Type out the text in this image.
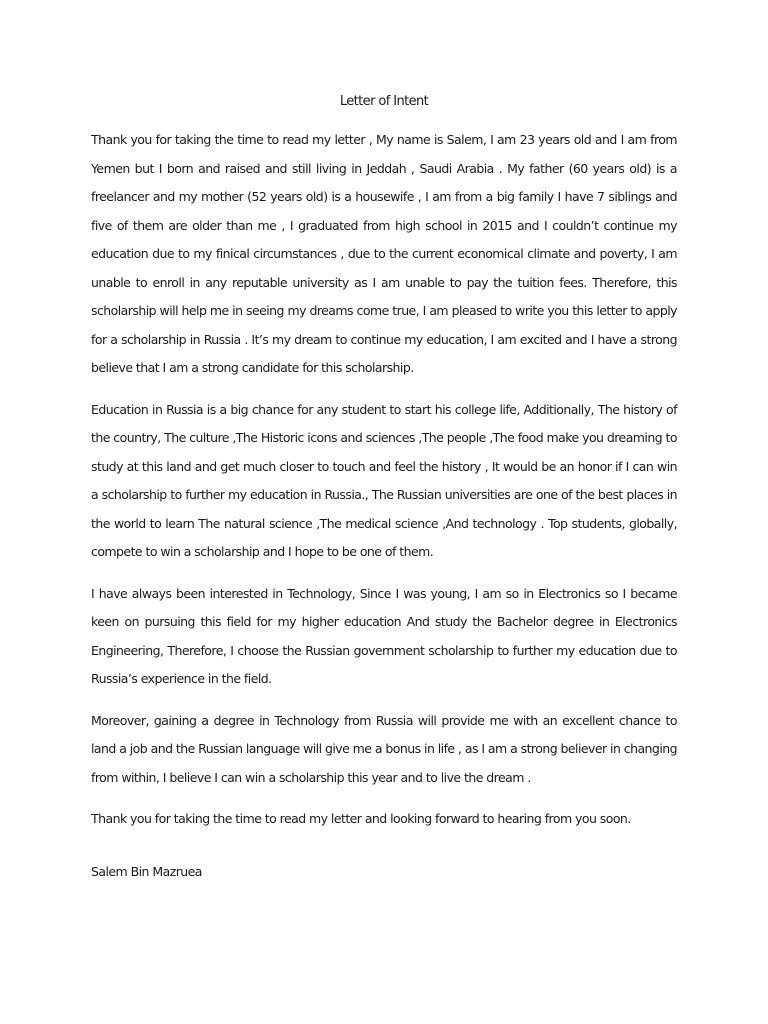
Letter of Intent

Thank you for taking the time to read my letter , My name is Salem, I am 23 years old and I am from Yemen but I born and raised and still living in Jeddah , Saudi Arabia . My father (60 years old) is a freelancer and my mother (52 years old) is a housewife , I am from a big family I have 7 siblings and five of them are older than me , I graduated from high school in 2015 and I couldn’t continue my education due to my finical circumstances , due to the current economical climate and poverty, I am unable to enroll in any reputable university as I am unable to pay the tuition fees. Therefore, this scholarship will help me in seeing my dreams come true, I am pleased to write you this letter to apply for a scholarship in Russia . It’s my dream to continue my education, I am excited and I have a strong believe that I am a strong candidate for this scholarship.

Education in Russia is a big chance for any student to start his college life, Additionally, The history of the country, The culture ,The Historic icons and sciences ,The people ,The food make you dreaming to study at this land and get much closer to touch and feel the history , It would be an honor if I can win a scholarship to further my education in Russia., The Russian universities are one of the best places in the world to learn The natural science ,The medical science ,And technology . Top students, globally, compete to win a scholarship and I hope to be one of them.

I have always been interested in Technology, Since I was young, I am so in Electronics so I became keen on pursuing this field for my higher education And study the Bachelor degree in Electronics Engineering, Therefore, I choose the Russian government scholarship to further my education due to Russia’s experience in the field.

Moreover, gaining a degree in Technology from Russia will provide me with an excellent chance to land a job and the Russian language will give me a bonus in life , as I am a strong believer in changing from within, I believe I can win a scholarship this year and to live the dream .

Thank you for taking the time to read my letter and looking forward to hearing from you soon.

Salem Bin Mazruea
